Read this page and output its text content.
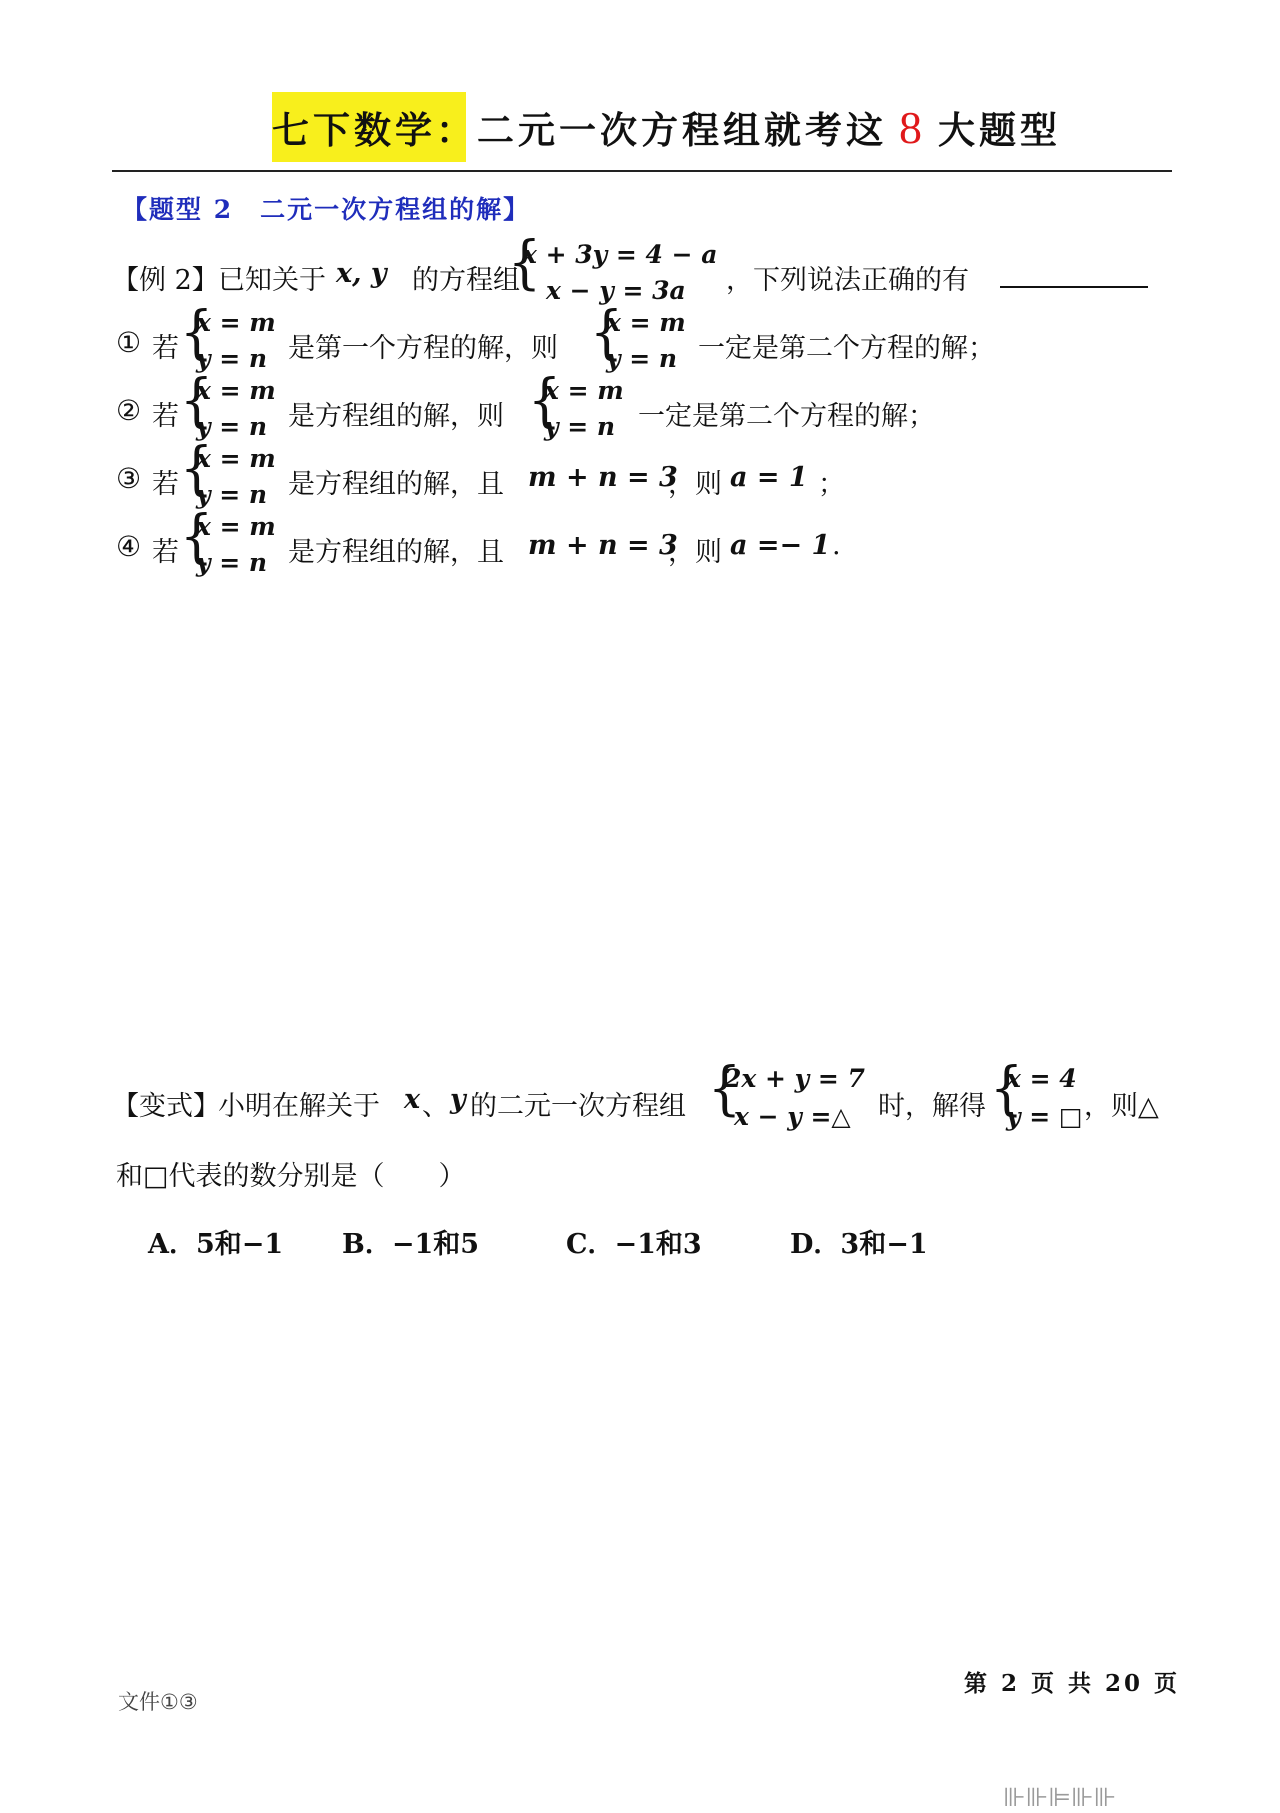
七下数学： 二元一次方程组就考这 8 大题型
【题型 2　二元一次方程组的解】
【例 2】 已知关于 x, y 的方程组
{
x + 3y = 4 − a
x − y = 3a ，下列说法正确的有
① 若 {
x = m
y = n 是第一个方程的解，则 {
x = m
y = n 一定是第二个方程的解；
② 若 {
x = m
y = n 是方程组的解，则 {
x = m
y = n 一定是第二个方程的解；
③ 若 {
x = m
y = n 是方程组的解，且 m + n = 3
，则 a = 1 ；
④ 若 {
x = m
y = n 是方程组的解，且 m + n = 3
，则 a =− 1 .
【变式】
小明在解关于 x 、 y 的二元一次方程组 {
2x + y = 7
x − y =△ 时，解得 {
x = 4
y = □ ，则△
和□代表的数分别是（　　）
A．5和−1 B．−1和5	C．−1和3	D．3和−1
第 2 页 共 20 页
文件①③
⊪⊪⊫⊪⊪
